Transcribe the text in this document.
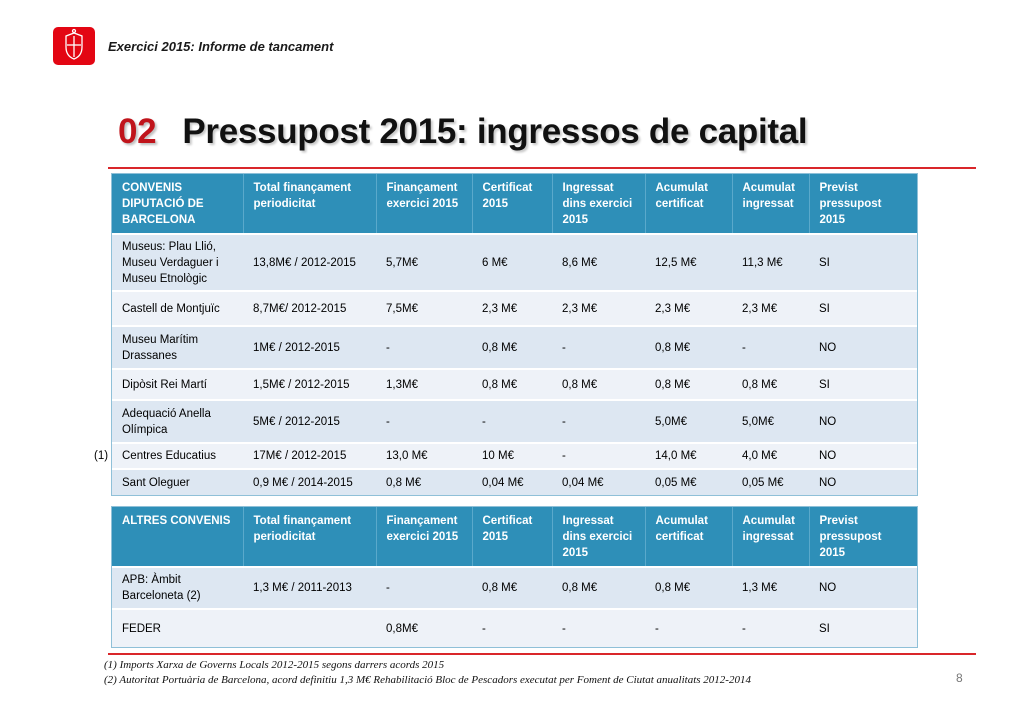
Exercici 2015: Informe de tancament
02 Pressupost 2015: ingressos de capital
CONVENIS DIPUTACIÓ DE BARCELONA	Total finançament periodicitat	Finançament exercici 2015	Certificat 2015	Ingressat dins exercici 2015	Acumulat certificat	Acumulat ingressat	Previst pressupost 2015
Museus: Plau Llió, Museu Verdaguer i Museu Etnològic	13,8M€ / 2012-2015	5,7M€	6 M€	8,6 M€	12,5 M€	11,3 M€	SI
Castell de Montjuïc	8,7M€/ 2012-2015	7,5M€	2,3 M€	2,3 M€	2,3 M€	2,3 M€	SI
Museu Marítim Drassanes	1M€ / 2012-2015	-	0,8 M€	-	0,8 M€	-	NO
Dipòsit Rei Martí	1,5M€ / 2012-2015	1,3M€	0,8 M€	0,8 M€	0,8 M€	0,8 M€	SI
Adequació Anella Olímpica	5M€ / 2012-2015	-	-	-	5,0M€	5,0M€	NO
Centres Educatius	17M€ / 2012-2015	13,0 M€	10 M€	-	14,0 M€	4,0 M€	NO
Sant Oleguer	0,9 M€ / 2014-2015	0,8 M€	0,04 M€	0,04 M€	0,05 M€	0,05 M€	NO
(1)
ALTRES CONVENIS	Total finançament periodicitat	Finançament exercici 2015	Certificat 2015	Ingressat dins exercici 2015	Acumulat certificat	Acumulat ingressat	Previst pressupost 2015
APB: Àmbit Barceloneta (2)	1,3 M€ / 2011-2013	-	0,8 M€	0,8 M€	0,8 M€	1,3 M€	NO
FEDER		0,8M€	-	-	-	-	SI
(1) Imports Xarxa de Governs Locals 2012-2015 segons darrers acords 2015
(2) Autoritat Portuària de Barcelona, acord definitiu 1,3 M€ Rehabilitació Bloc de Pescadors executat per Foment de Ciutat anualitats 2012-2014	8
